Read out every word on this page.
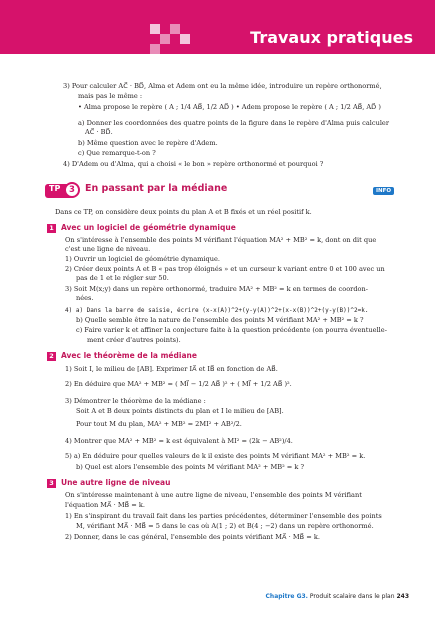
Travaux pratiques
3) Pour calculer AC⃗ · BD⃗, Alma et Adem ont eu la même idée, introduire un repère orthonormé,
mais pas le même :
• Alma propose le repère ( A ; 1/4 AB⃗, 1/2 AD⃗ ) • Adem propose le repère ( A ; 1/2 AB⃗, AD⃗ )
a) Donner les coordonnées des quatre points de la figure dans le repère d'Alma puis calculer
AC⃗ · BD⃗.
b) Même question avec le repère d'Adem.
c) Que remarque-t-on ?
4) D'Adem ou d'Alma, qui a choisi « le bon » repère orthonormé et pourquoi ?
TP	3	En passant par la médiane	INFO
Dans ce TP, on considère deux points du plan A et B fixés et un réel positif k.
1 Avec un logiciel de géométrie dynamique
On s'intéresse à l'ensemble des points M vérifiant l'équation MA² + MB² = k, dont on dit que
c'est une ligne de niveau.
1) Ouvrir un logiciel de géométrie dynamique.
2) Créer deux points A et B « pas trop éloignés » et un curseur k variant entre 0 et 100 avec un
pas de 1 et le régler sur 50.
3) Soit M(x;y) dans un repère orthonormé, traduire MA² + MB² = k en termes de coordon-
nées.
4) a) Dans la barre de saisie, écrire (x-x(A))^2+(y-y(A))^2+(x-x(B))^2+(y-y(B))^2=k.
b) Quelle semble être la nature de l'ensemble des points M vérifiant MA² + MB² = k ?
c) Faire varier k et affiner la conjecture faite à la question précédente (on pourra éventuelle-
ment créer d'autres points).
2 Avec le théorème de la médiane
1) Soit I, le milieu de [AB]. Exprimer IA⃗ et IB⃗ en fonction de AB⃗.
2) En déduire que MA² + MB² = ( MI⃗ − 1/2 AB⃗ )² + ( MI⃗ + 1/2 AB⃗ )².
3) Démontrer le théorème de la médiane :
Soit A et B deux points distincts du plan et I le milieu de [AB].
Pour tout M du plan, MA² + MB² = 2MI² + AB²/2.
4) Montrer que MA² + MB² = k est équivalent à MI² = (2k − AB²)/4.
5) a) En déduire pour quelles valeurs de k il existe des points M vérifiant MA² + MB² = k.
b) Quel est alors l'ensemble des points M vérifiant MA² + MB² = k ?
3 Une autre ligne de niveau
On s'intéresse maintenant à une autre ligne de niveau, l'ensemble des points M vérifiant
l'équation MA⃗ · MB⃗ = k.
1) En s'inspirant du travail fait dans les parties précédentes, déterminer l'ensemble des points
M, vérifiant MA⃗ · MB⃗ = 5 dans le cas où A(1 ; 2) et B(4 ; −2) dans un repère orthonormé.
2) Donner, dans le cas général, l'ensemble des points vérifiant MA⃗ · MB⃗ = k.
Chapitre G3. Produit scalaire dans le plan 243
